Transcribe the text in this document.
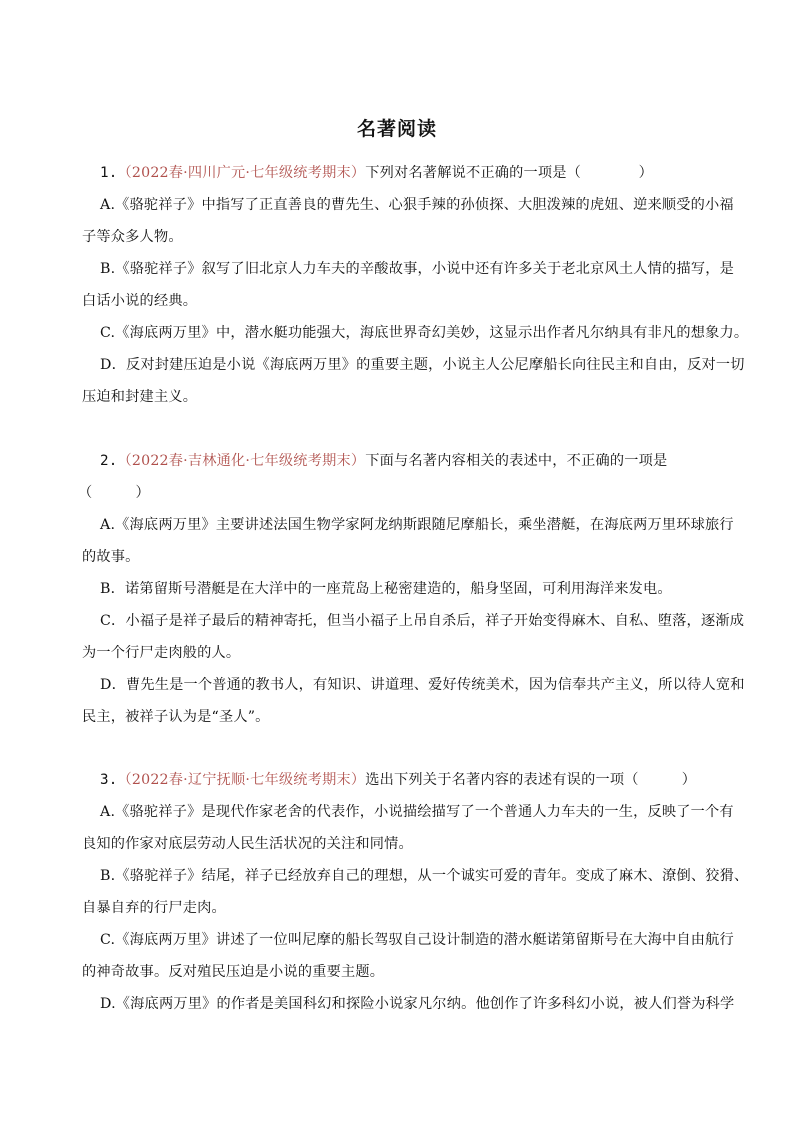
名著阅读
1.（2022春·四川广元·七年级统考期末）下列对名著解说不正确的一项是（　　　　）
A.《骆驼祥子》中指写了正直善良的曹先生、心狠手辣的孙侦探、大胆泼辣的虎妞、逆来顺受的小福
子等众多人物。
B.《骆驼祥子》叙写了旧北京人力车夫的辛酸故事，小说中还有许多关于老北京风土人情的描写，是
白话小说的经典。
C.《海底两万里》中，潜水艇功能强大，海底世界奇幻美妙，这显示出作者凡尔纳具有非凡的想象力。
D．反对封建压迫是小说《海底两万里》的重要主题，小说主人公尼摩船长向往民主和自由，反对一切
压迫和封建主义。
2.（2022春·吉林通化·七年级统考期末）下面与名著内容相关的表述中，不正确的一项是
（　　　）
A.《海底两万里》主要讲述法国生物学家阿龙纳斯跟随尼摩船长，乘坐潜艇，在海底两万里环球旅行
的故事。
B．诺第留斯号潜艇是在大洋中的一座荒岛上秘密建造的，船身坚固，可利用海洋来发电。
C．小福子是祥子最后的精神寄托，但当小福子上吊自杀后，祥子开始变得麻木、自私、堕落，逐渐成
为一个行尸走肉般的人。
D．曹先生是一个普通的教书人，有知识、讲道理、爱好传统美术，因为信奉共产主义，所以待人宽和
民主，被祥子认为是“圣人”。
3.（2022春·辽宁抚顺·七年级统考期末）选出下列关于名著内容的表述有误的一项（　　　）
A.《骆驼祥子》是现代作家老舍的代表作，小说描绘描写了一个普通人力车夫的一生，反映了一个有
良知的作家对底层劳动人民生活状况的关注和同情。
B.《骆驼祥子》结尾，祥子已经放弃自己的理想，从一个诚实可爱的青年。变成了麻木、潦倒、狡猾、
自暴自弃的行尸走肉。
C.《海底两万里》讲述了一位叫尼摩的船长驾驭自己设计制造的潜水艇诺第留斯号在大海中自由航行
的神奇故事。反对殖民压迫是小说的重要主题。
D.《海底两万里》的作者是美国科幻和探险小说家凡尔纳。他创作了许多科幻小说，被人们誉为科学
